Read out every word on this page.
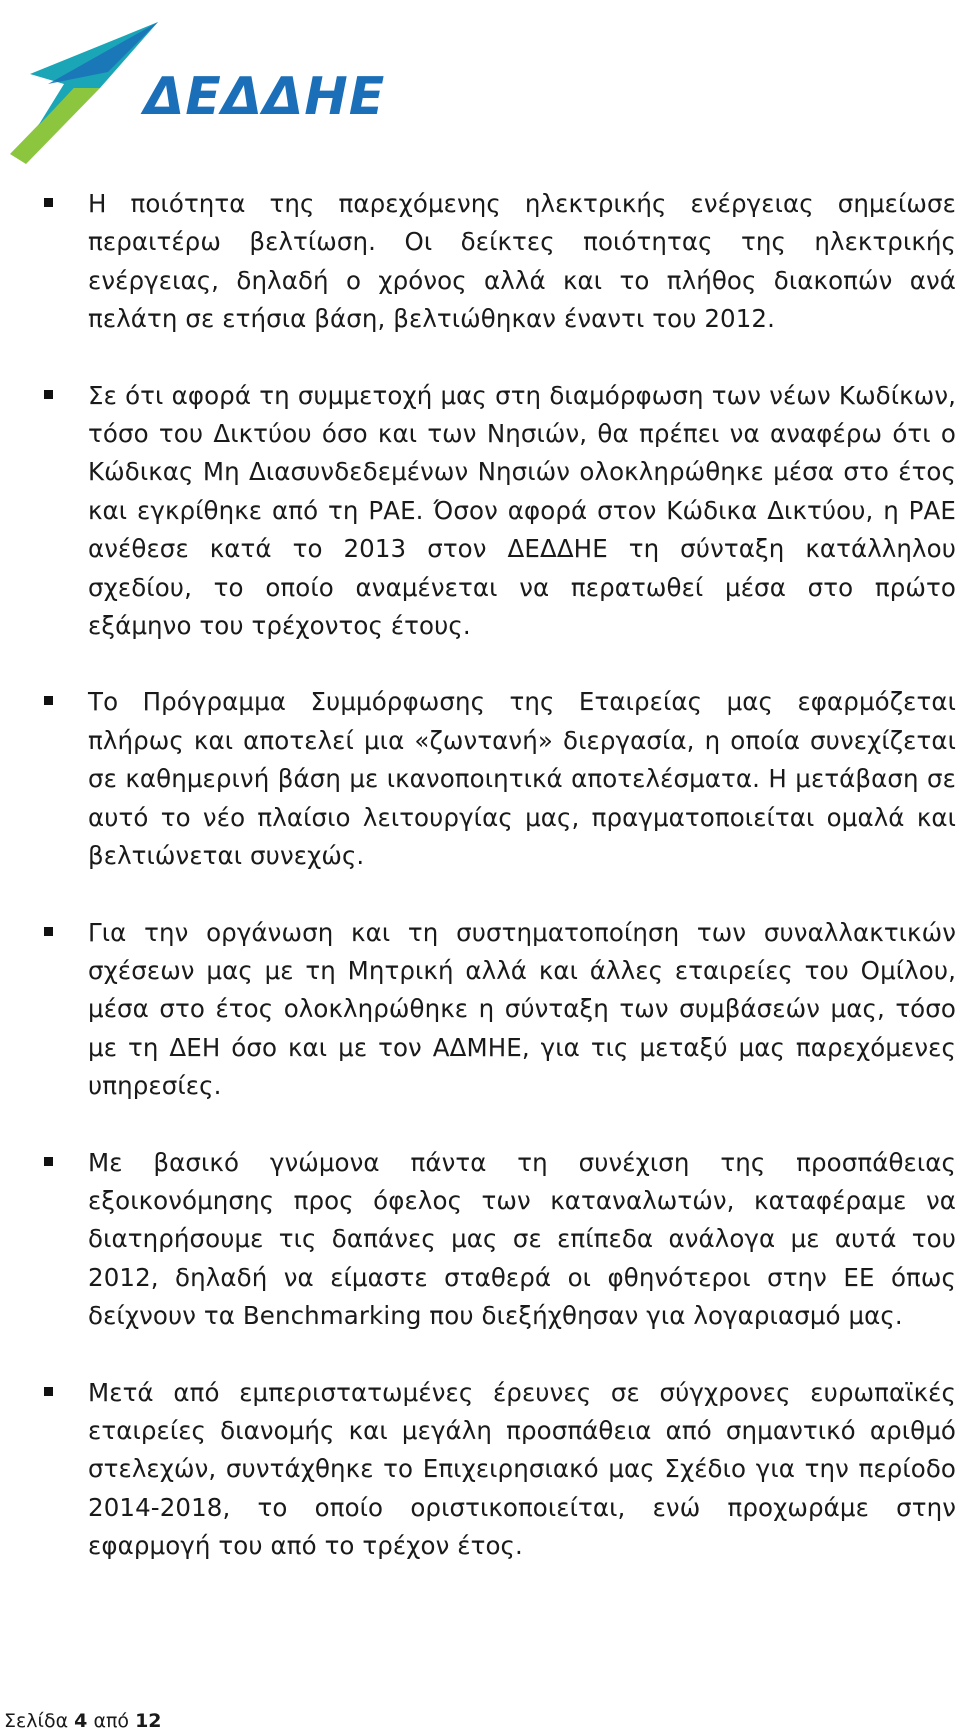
ΔΕΔΔΗΕ
Η ποιότητα της παρεχόμενης ηλεκτρικής ενέργειας σημείωσε περαιτέρω βελτίωση. Οι δείκτες ποιότητας της ηλεκτρικής ενέργειας, δηλαδή ο χρόνος αλλά και το πλήθος διακοπών ανά πελάτη σε ετήσια βάση, βελτιώθηκαν έναντι του 2012.
Σε ότι αφορά τη συμμετοχή μας στη διαμόρφωση των νέων Κωδίκων, τόσο του Δικτύου όσο και των Νησιών, θα πρέπει να αναφέρω ότι ο Κώδικας Μη Διασυνδεδεμένων Νησιών ολοκληρώθηκε μέσα στο έτος και εγκρίθηκε από τη ΡΑΕ. Όσον αφορά στον Κώδικα Δικτύου, η ΡΑΕ ανέθεσε κατά το 2013 στον ΔΕΔΔΗΕ τη σύνταξη κατάλληλου σχεδίου, το οποίο αναμένεται να περατωθεί μέσα στο πρώτο εξάμηνο του τρέχοντος έτους.
Το Πρόγραμμα Συμμόρφωσης της Εταιρείας μας εφαρμόζεται πλήρως και αποτελεί μια «ζωντανή» διεργασία, η οποία συνεχίζεται σε καθημερινή βάση με ικανοποιητικά αποτελέσματα. Η μετάβαση σε αυτό το νέο πλαίσιο λειτουργίας μας, πραγματοποιείται ομαλά και βελτιώνεται συνεχώς.
Για την οργάνωση και τη συστηματοποίηση των συναλλακτικών σχέσεων μας με τη Μητρική αλλά και άλλες εταιρείες του Ομίλου, μέσα στο έτος ολοκληρώθηκε η σύνταξη των συμβάσεών μας, τόσο με τη ΔΕΗ όσο και με τον ΑΔΜΗΕ, για τις μεταξύ μας παρεχόμενες υπηρεσίες.
Με βασικό γνώμονα πάντα τη συνέχιση της προσπάθειας εξοικονόμησης προς όφελος των καταναλωτών, καταφέραμε να διατηρήσουμε τις δαπάνες μας σε επίπεδα ανάλογα με αυτά του 2012, δηλαδή να είμαστε σταθερά οι φθηνότεροι στην ΕΕ όπως δείχνουν τα Benchmarking που διεξήχθησαν για λογαριασμό μας.
Μετά από εμπεριστατωμένες έρευνες σε σύγχρονες ευρωπαϊκές εταιρείες διανομής και μεγάλη προσπάθεια από σημαντικό αριθμό στελεχών, συντάχθηκε το Επιχειρησιακό μας Σχέδιο για την περίοδο 2014-2018, το οποίο οριστικοποιείται, ενώ προχωράμε στην εφαρμογή του από το τρέχον έτος.
Σελίδα 4 από 12
